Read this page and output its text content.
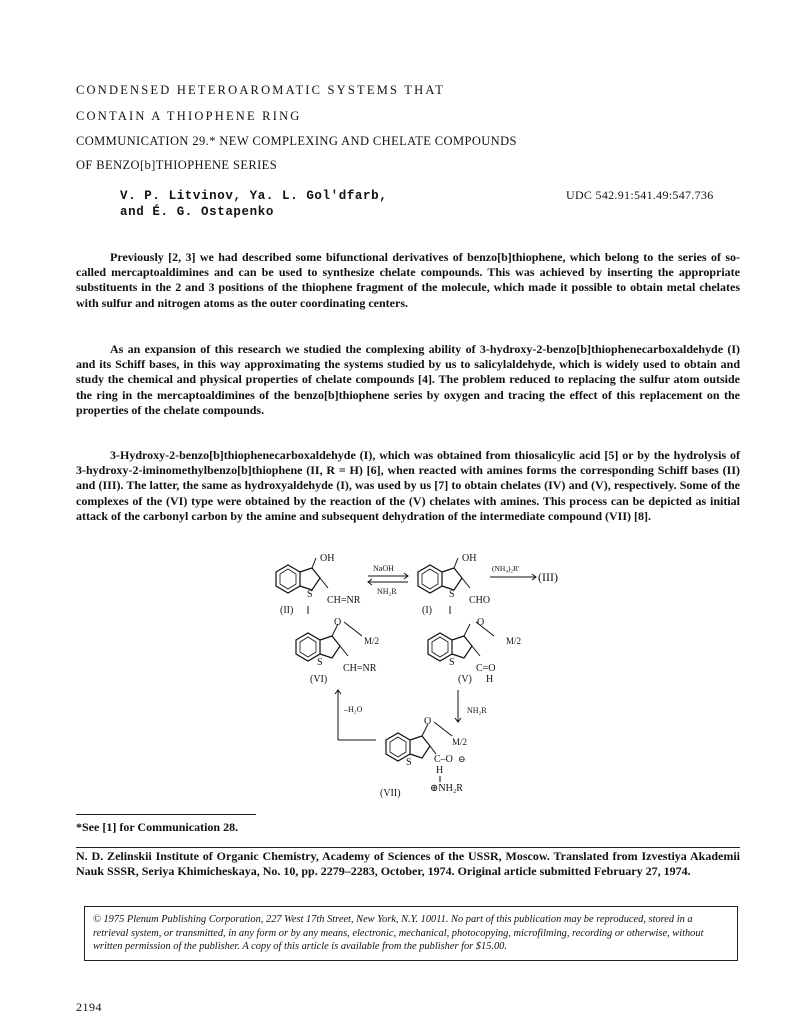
CONDENSED HETEROAROMATIC SYSTEMS THAT
CONTAIN A THIOPHENE RING
COMMUNICATION 29.* NEW COMPLEXING AND CHELATE COMPOUNDS
OF BENZO[b]THIOPHENE SERIES
V. P. Litvinov, Ya. L. Gol'dfarb,
and É. G. Ostapenko
UDC 542.91:541.49:547.736

Previously [2, 3] we had described some bifunctional derivatives of benzo[b]thiophene, which belong to the series of so-called mercaptoaldimines and can be used to synthesize chelate compounds. This was achieved by inserting the appropriate substituents in the 2 and 3 positions of the thiophene fragment of the molecule, which made it possible to obtain metal chelates with sulfur and nitrogen atoms as the outer coordinating centers.

As an expansion of this research we studied the complexing ability of 3-hydroxy-2-benzo[b]thiophenecarboxaldehyde (I) and its Schiff bases, in this way approximating the systems studied by us to salicylaldehyde, which is widely used to obtain and study the chemical and physical properties of chelate compounds [4]. The problem reduced to replacing the sulfur atom outside the ring in the mercaptoaldimines of the benzo[b]thiophene series by oxygen and tracing the effect of this replacement on the properties of the chelate compounds.

3-Hydroxy-2-benzo[b]thiophenecarboxaldehyde (I), which was obtained from thiosalicylic acid [5] or by the hydrolysis of 3-hydroxy-2-iminomethylbenzo[b]thiophene (II, R = H) [6], when reacted with amines forms the corresponding Schiff bases (II) and (III). The latter, the same as hydroxyaldehyde (I), was used by us [7] to obtain chelates (IV) and (V), respectively. Some of the complexes of the (VI) type were obtained by the reaction of the (V) chelates with amines. This process can be depicted as initial attack of the carbonyl carbon by the amine and subsequent dehydration of the intermediate compound (VII) [8].

OH
S
CH=NR
(II)
NaOH
NH₂R
OH
S
CHO
(I)
(NH₄)₂R'
(III)
O
M/2
S
CH=NR
(VI)
O
M/2
S
C=O
(V) H
–H₂O	NH₂R
O
M/2
S C–O ⊖
H
⊕NH₂R
(VII)
*See [1] for Communication 28.

N. D. Zelinskii Institute of Organic Chemistry, Academy of Sciences of the USSR, Moscow. Translated from Izvestiya Akademii Nauk SSSR, Seriya Khimicheskaya, No. 10, pp. 2279–2283, October, 1974. Original article submitted February 27, 1974.

© 1975 Plenum Publishing Corporation, 227 West 17th Street, New York, N.Y. 10011. No part of this publication may be reproduced, stored in a retrieval system, or transmitted, in any form or by any means, electronic, mechanical, photocopying, microfilming, recording or otherwise, without written permission of the publisher. A copy of this article is available from the publisher for $15.00.
2194
